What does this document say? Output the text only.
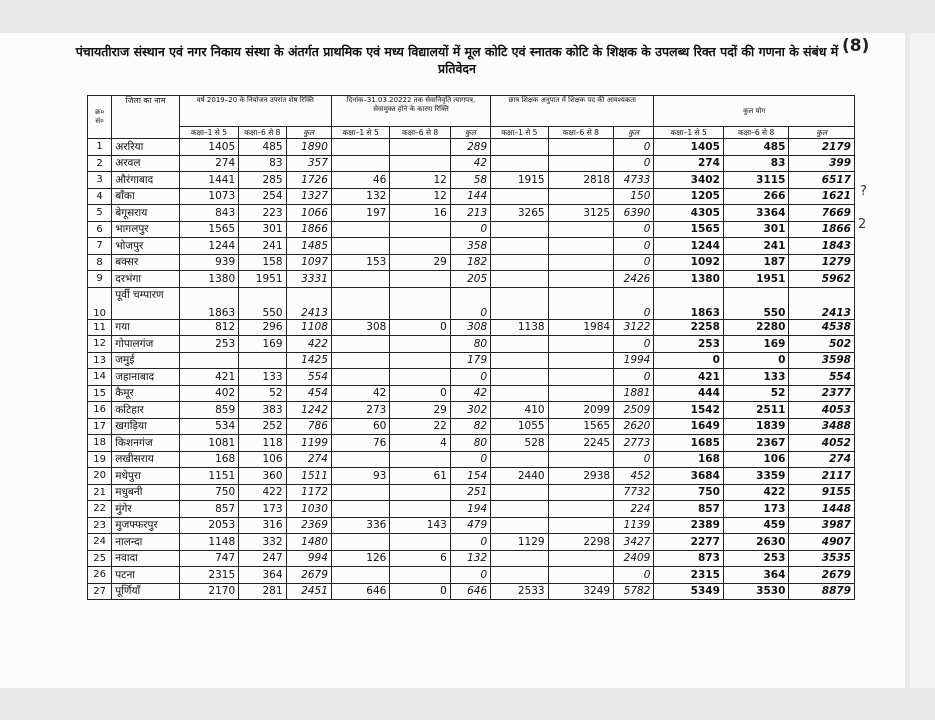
पंचायतीराज संस्थान एवं नगर निकाय संस्था के अंतर्गत प्राथमिक एवं मध्य विद्यालयों में मूल कोटि एवं स्नातक कोटि के शिक्षक के उपलब्ध रिक्त पदों की गणना के संबंध में प्रतिवेदन
(8)
?
2
क्र० सं०	जिला का नाम	वर्ष 2019–20 के नियोजन उपरांत शेष रिक्ति			दिनांक–31.03.20222 तक सेवानिवृति त्यागपत्र, सेवामुक्त होने के कारण रिक्ति			छात्र शिक्षक अनुपात में शिक्षक पद की आवश्यकता			कुल योग		
		कक्षा–1 से 5	कक्षा–6 से 8	कुल	कक्षा–1 से 5	कक्षा–6 से 8	कुल	कक्षा–1 से 5	कक्षा–6 से 8	कुल	कक्षा–1 से 5	कक्षा–6 से 8	कुल
1	अररिया	1405	485	1890			289			0	1405	485	2179
2	अरवल	274	83	357			42			0	274	83	399
3	औरंगाबाद	1441	285	1726	46	12	58	1915	2818	4733	3402	3115	6517
4	बाँका	1073	254	1327	132	12	144			150	1205	266	1621
5	बेगूसराय	843	223	1066	197	16	213	3265	3125	6390	4305	3364	7669
6	भागलपुर	1565	301	1866			0			0	1565	301	1866
7	भोजपुर	1244	241	1485			358			0	1244	241	1843
8	बक्सर	939	158	1097	153	29	182			0	1092	187	1279
9	दरभंगा	1380	1951	3331			205			2426	1380	1951	5962
10	पूर्वी चम्पारण	1863	550	2413			0			0	1863	550	2413
11	गया	812	296	1108	308	0	308	1138	1984	3122	2258	2280	4538
12	गोपालगंज	253	169	422			80			0	253	169	502
13	जमुई			1425			179			1994	0	0	3598
14	जहानाबाद	421	133	554			0			0	421	133	554
15	कैमूर	402	52	454	42	0	42			1881	444	52	2377
16	कटिहार	859	383	1242	273	29	302	410	2099	2509	1542	2511	4053
17	खगड़िया	534	252	786	60	22	82	1055	1565	2620	1649	1839	3488
18	किशनगंज	1081	118	1199	76	4	80	528	2245	2773	1685	2367	4052
19	लखीसराय	168	106	274			0			0	168	106	274
20	मधेपुरा	1151	360	1511	93	61	154	2440	2938	452	3684	3359	2117
21	मधुबनी	750	422	1172			251			7732	750	422	9155
22	मुंगेर	857	173	1030			194			224	857	173	1448
23	मुजफ्फरपुर	2053	316	2369	336	143	479			1139	2389	459	3987
24	नालन्दा	1148	332	1480			0	1129	2298	3427	2277	2630	4907
25	नवादा	747	247	994	126	6	132			2409	873	253	3535
26	पटना	2315	364	2679			0			0	2315	364	2679
27	पूर्णियाँ	2170	281	2451	646	0	646	2533	3249	5782	5349	3530	8879
